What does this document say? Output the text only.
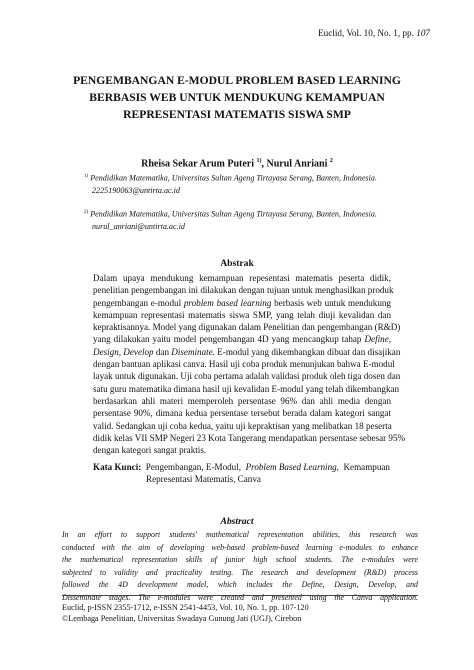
Euclid, Vol. 10, No. 1, pp. 107
PENGEMBANGAN E-MODUL PROBLEM BASED LEARNING
BERBASIS WEB UNTUK MENDUKUNG KEMAMPUAN
REPRESENTASI MATEMATIS SISWA SMP
Rheisa Sekar Arum Puteri $^{1)}$, Nurul Anriani $^2$
$^{1)}$ Pendidikan Matematika, Universitas Sultan Ageng Tirtayasa Serang, Banten, Indonesia.
2225190063@untirta.ac.id
$^{2)}$ Pendidikan Matematika, Universitas Sultan Ageng Tirtayasa Serang, Banten, Indonesia.
nurul_anriani@untirta.ac.id
Abstrak
Dalam upaya mendukung kemampuan repesentasi matematis peserta didik,
penelitian pengembangan ini dilakukan dengan tujuan untuk menghasilkan produk
pengembangan e-modul problem based learning berbasis web untuk mendukung
kemampuan representasi matematis siswa SMP, yang telah diuji kevalidan dan
kepraktisannya. Model yang digunakan dalam Penelitian dan pengembangan (R&D)
yang dilakukan yaitu model pengembangan 4D yang mencangkup tahap Define,
Design, Develop dan Diseminate. E-modul yang dikembangkan dibuat dan disajikan
dengan bantuan aplikasi canva. Hasil uji coba produk menunjukan bahwa E-modul
layak untuk digunakan. Uji coba pertama adalah validasi produk oleh tiga dosen dan
satu guru matematika dimana hasil uji kevalidan E-modul yang telah dikembangkan
berdasarkan ahli materi memperoleh persentase 96% dan ahli media dengan
persentase 90%, dimana kedua persentase tersebut berada dalam kategori sangat
valid. Sedangkan uji coba kedua, yaitu uji kepraktisan yang melibatkan 18 peserta
didik kelas VII SMP Negeri 23 Kota Tangerang mendapatkan persentase sebesar 95%
dengan kategori sangat praktis.
Kata Kunci: Pengembangan, E-Modul, Problem Based Learning, Kemampuan
Representasi Matematis, Canva
Abstract
In an effort to support students' mathematical representation abilities, this research was
conducted with the aim of developing web-based problem-based learning e-modules to enhance
the mathematical representation skills of junior high school students. The e-modules were
subjected to validity and practicality testing. The research and development (R&D) process
followed the 4D development model, which includes the Define, Design, Develop, and
Disseminate stages. The e-modules were created and presented using the Canva application.
Euclid, p-ISSN 2355-1712, e-ISSN 2541-4453, Vol. 10, No. 1, pp. 107-120
©Lembaga Penelitian, Universitas Swadaya Gunung Jati (UGJ), Cirebon
